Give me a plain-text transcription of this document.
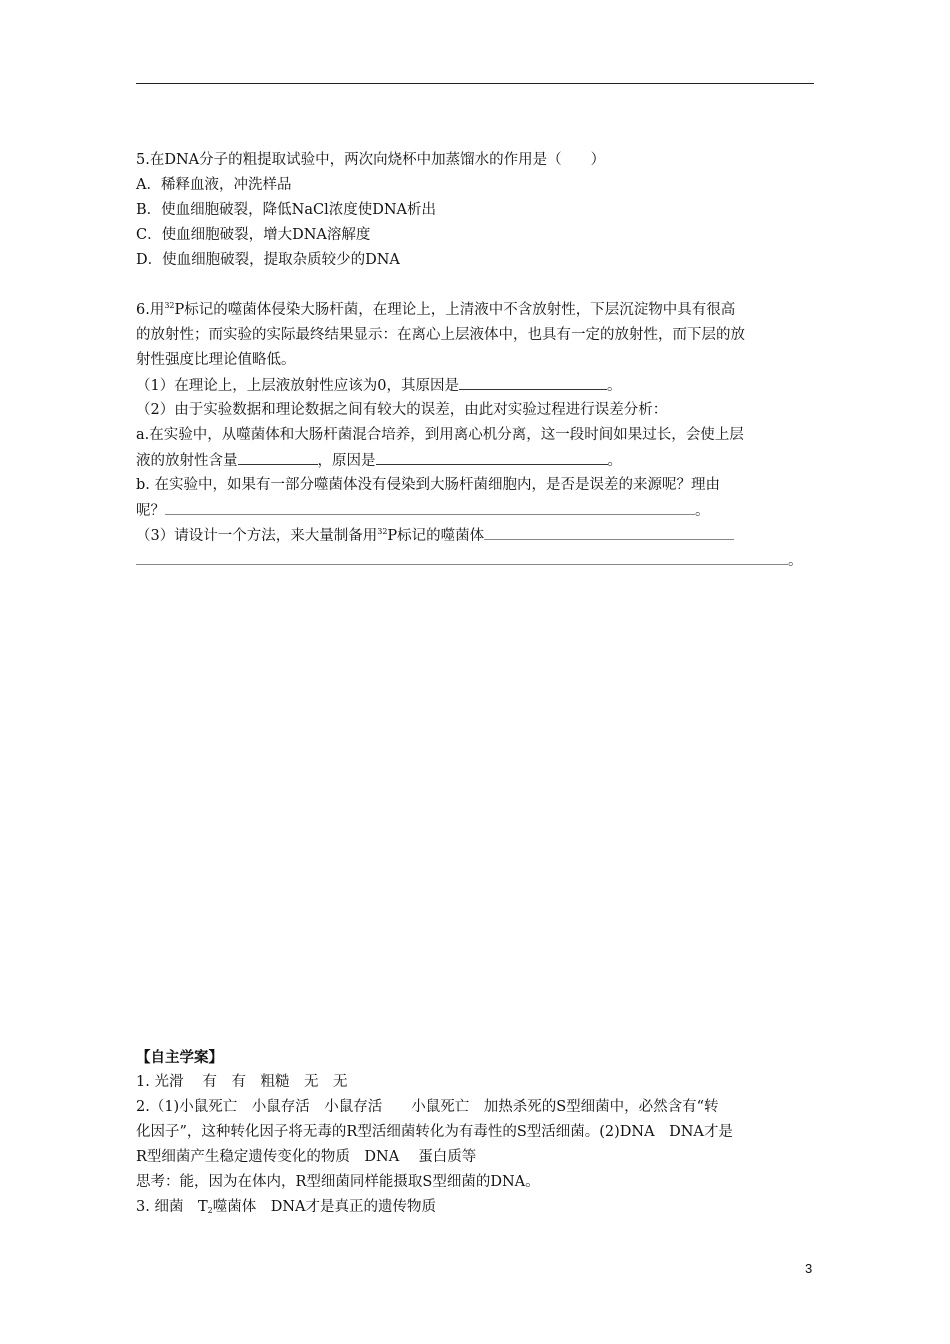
5.在DNA分子的粗提取试验中，两次向烧杯中加蒸馏水的作用是（　　）
A．稀释血液，冲洗样品
B．使血细胞破裂，降低NaCl浓度使DNA析出
C．使血细胞破裂，增大DNA溶解度
D．使血细胞破裂，提取杂质较少的DNA
6.用$^{32}$P标记的噬菌体侵染大肠杆菌，在理论上，上清液中不含放射性，下层沉淀物中具有很高
的放射性；而实验的实际最终结果显示：在离心上层液体中，也具有一定的放射性，而下层的放
射性强度比理论值略低。
（1）在理论上，上层液放射性应该为0，其原因是	。
（2）由于实验数据和理论数据之间有较大的误差，由此对实验过程进行误差分析：
a.在实验中，从噬菌体和大肠杆菌混合培养，到用离心机分离，这一段时间如果过长，会使上层
液的放射性含量	，原因是	。
b. 在实验中，如果有一部分噬菌体没有侵染到大肠杆菌细胞内，是否是误差的来源呢？理由
呢？	。
（3）请设计一个方法，来大量制备用$^{32}$P标记的噬菌体
。
【自主学案】
1. 光滑　 有　有　粗糙　无　无
2.（1)小鼠死亡　小鼠存活　小鼠存活　　小鼠死亡　加热杀死的S型细菌中，必然含有“转
化因子”，这种转化因子将无毒的R型活细菌转化为有毒性的S型活细菌。(2)DNA　DNA才是
R型细菌产生稳定遗传变化的物质　DNA　 蛋白质等
思考：能，因为在体内，R型细菌同样能摄取S型细菌的DNA。
3. 细菌　$T_2$噬菌体　DNA才是真正的遗传物质
3
